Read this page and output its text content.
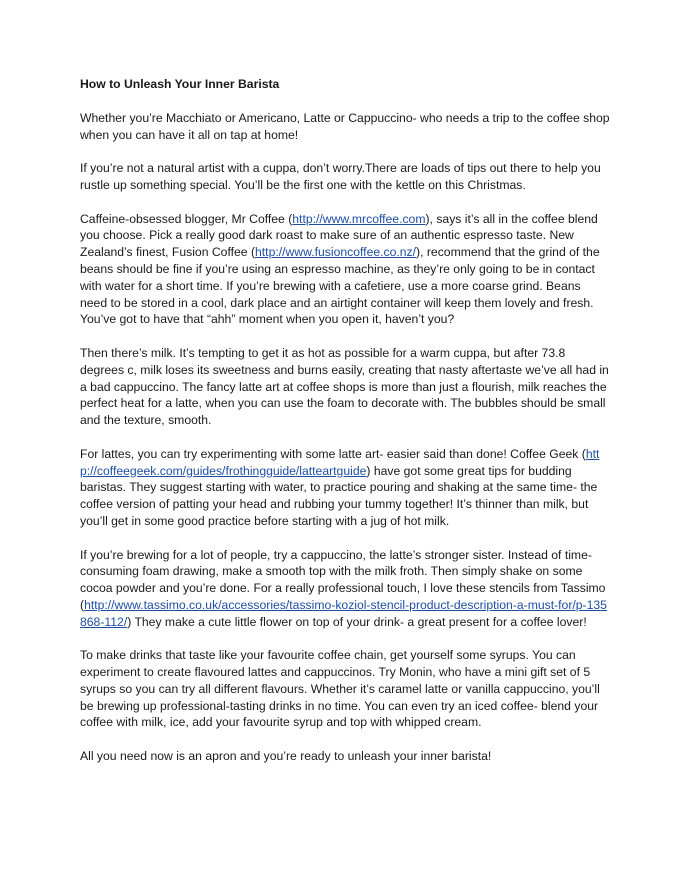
How to Unleash Your Inner Barista

Whether you’re Macchiato or Americano, Latte or Cappuccino- who needs a trip to the coffee shop when you can have it all on tap at home!

If you’re not a natural artist with a cuppa, don’t worry.There are loads of tips out there to help you rustle up something special. You’ll be the first one with the kettle on this Christmas.

Caffeine-obsessed blogger, Mr Coffee (http://www.mrcoffee.com), says it’s all in the coffee blend you choose. Pick a really good dark roast to make sure of an authentic espresso taste. New Zealand’s finest, Fusion Coffee (http://www.fusioncoffee.co.nz/), recommend that the grind of the beans should be fine if you’re using an espresso machine, as they’re only going to be in contact with water for a short time. If you’re brewing with a cafetiere, use a more coarse grind. Beans need to be stored in a cool, dark place and an airtight container will keep them lovely and fresh. You’ve got to have that “ahh” moment when you open it, haven’t you?

Then there’s milk. It’s tempting to get it as hot as possible for a warm cuppa, but after 73.8 degrees c, milk loses its sweetness and burns easily, creating that nasty aftertaste we’ve all had in a bad cappuccino. The fancy latte art at coffee shops is more than just a flourish, milk reaches the perfect heat for a latte, when you can use the foam to decorate with. The bubbles should be small and the texture, smooth.

For lattes, you can try experimenting with some latte art- easier said than done! Coffee Geek (http://coffeegeek.com/guides/frothingguide/latteartguide) have got some great tips for budding baristas. They suggest starting with water, to practice pouring and shaking at the same time- the coffee version of patting your head and rubbing your tummy together! It’s thinner than milk, but you’ll get in some good practice before starting with a jug of hot milk.

If you’re brewing for a lot of people, try a cappuccino, the latte’s stronger sister. Instead of time-consuming foam drawing, make a smooth top with the milk froth. Then simply shake on some cocoa powder and you’re done. For a really professional touch, I love these stencils from Tassimo (http://www.tassimo.co.uk/accessories/tassimo-koziol-stencil-product-description-a-must-for/p-135868-112/) They make a cute little flower on top of your drink- a great present for a coffee lover!

To make drinks that taste like your favourite coffee chain, get yourself some syrups. You can experiment to create flavoured lattes and cappuccinos. Try Monin, who have a mini gift set of 5 syrups so you can try all different flavours. Whether it’s caramel latte or vanilla cappuccino, you’ll be brewing up professional-tasting drinks in no time. You can even try an iced coffee- blend your coffee with milk, ice, add your favourite syrup and top with whipped cream.

All you need now is an apron and you’re ready to unleash your inner barista!
